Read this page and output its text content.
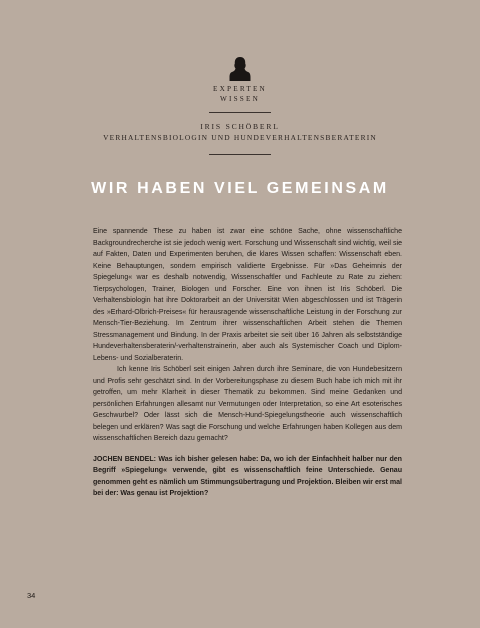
EXPERTEN
WISSEN
IRIS SCHÖBERL
VERHALTENSBIOLOGIN UND HUNDEVERHALTENSBERATERIN
WIR HABEN VIEL GEMEINSAM

Eine spannende These zu haben ist zwar eine schöne Sache, ohne wissenschaftliche Backgroundrecherche ist sie jedoch wenig wert. Forschung und Wissenschaft sind wichtig, weil sie auf Fakten, Daten und Experimenten beruhen, die klares Wissen schaffen: Wissenschaft eben. Keine Behauptungen, sondern empirisch validierte Ergebnisse. Für »Das Geheimnis der Spiegelung« war es deshalb notwendig, Wissenschaftler und Fachleute zu Rate zu ziehen: Tierpsychologen, Trainer, Biologen und Forscher. Eine von ihnen ist Iris Schöberl. Die Verhaltensbiologin hat ihre Doktorarbeit an der Universität Wien abgeschlossen und ist Trägerin des »Erhard-Olbrich-Preises« für herausragende wissenschaftliche Leistung in der Forschung zur Mensch-Tier-Beziehung. Im Zentrum ihrer wissenschaftlichen Arbeit stehen die Themen Stressmanagement und Bindung. In der Praxis arbeitet sie seit über 16 Jahren als selbstständige Hundeverhaltensberaterin/-verhaltenstrainerin, aber auch als Systemischer Coach und Diplom-Lebens- und Sozialberaterin.

Ich kenne Iris Schöberl seit einigen Jahren durch ihre Seminare, die von Hundebesitzern und Profis sehr geschätzt sind. In der Vorbereitungsphase zu diesem Buch habe ich mich mit ihr getroffen, um mehr Klarheit in dieser Thematik zu bekommen. Sind meine Gedanken und persönlichen Erfahrungen allesamt nur Vermutungen oder Interpretation, so eine Art esoterisches Geschwurbel? Oder lässt sich die Mensch-Hund-Spiegelungstheorie auch wissenschaftlich belegen und erklären? Was sagt die Forschung und welche Erfahrungen haben Kollegen aus dem wissenschaftlichen Bereich dazu gemacht?

JOCHEN BENDEL: Was ich bisher gelesen habe: Da, wo ich der Einfachheit halber nur den Begriff »Spiegelung« verwende, gibt es wissenschaftlich feine Unterschiede. Genau genommen geht es nämlich um Stimmungsübertragung und Projektion. Bleiben wir erst mal bei der: Was genau ist Projektion?

34
